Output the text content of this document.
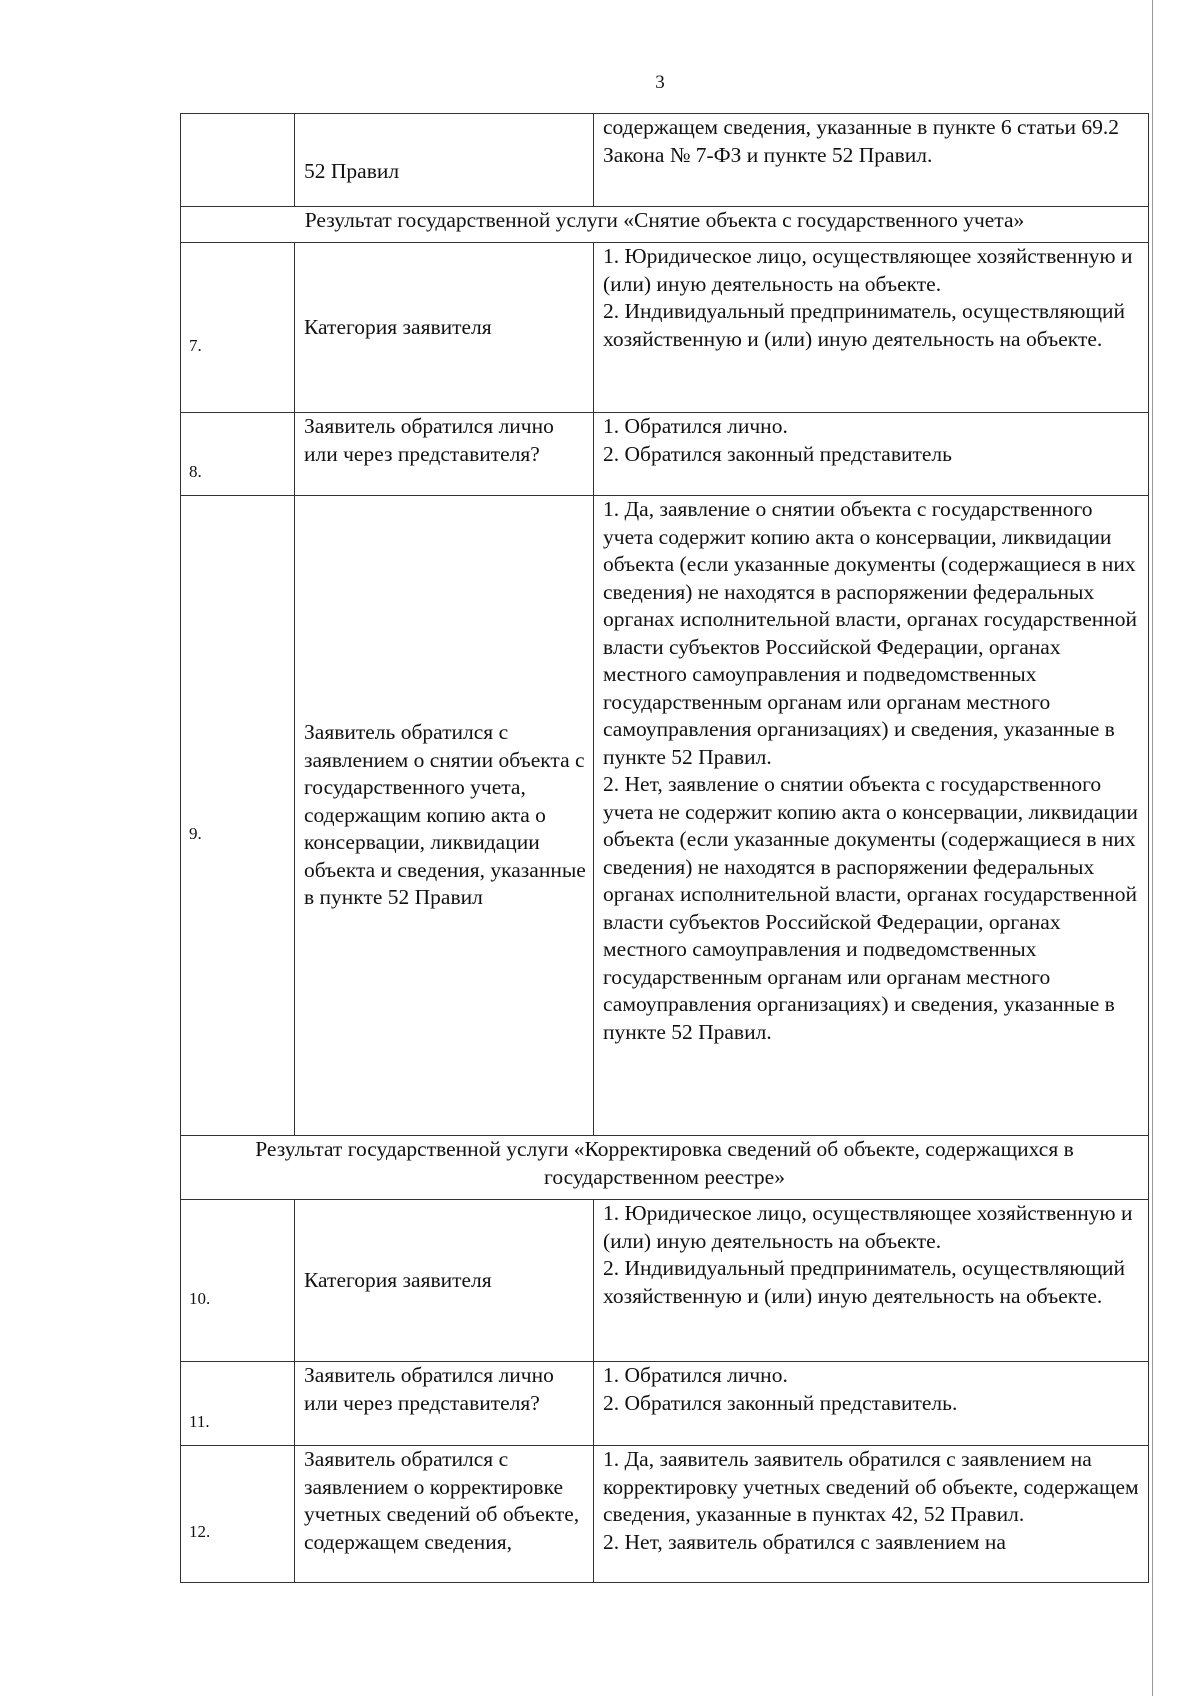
3
	52 Правил	содержащем сведения, указанные в пункте 6 статьи 69.2 Закона № 7-ФЗ и пункте 52 Правил.
Результат государственной услуги «Снятие объекта с государственного учета»		
7.	Категория заявителя	1. Юридическое лицо, осуществляющее хозяйственную и (или) иную деятельность на объекте.
2. Индивидуальный предприниматель, осуществляющий хозяйственную и (или) иную деятельность на объекте.

8.	Заявитель обратился лично или через представителя?	1. Обратился лично.
2. Обратился законный представитель

9.	Заявитель обратился с заявлением о снятии объекта с государственного учета, содержащим копию акта о консервации, ликвидации объекта и сведения, указанные в пункте 52 Правил	1. Да, заявление о снятии объекта с государственного учета содержит копию акта о консервации, ликвидации объекта (если указанные документы (содержащиеся в них сведения) не находятся в распоряжении федеральных органах исполнительной власти, органах государственной власти субъектов Российской Федерации, органах местного самоуправления и подведомственных государственным органам или органам местного самоуправления организациях) и сведения, указанные в пункте 52 Правил.
2. Нет, заявление о снятии объекта с государственного учета не содержит копию акта о консервации, ликвидации объекта (если указанные документы (содержащиеся в них сведения) не находятся в распоряжении федеральных органах исполнительной власти, органах государственной власти субъектов Российской Федерации, органах местного самоуправления и подведомственных государственным органам или органам местного самоуправления организациях) и сведения, указанные в пункте 52 Правил.

Результат государственной услуги «Корректировка сведений об объекте, содержащихся в государственном реестре»		
10.	Категория заявителя	1. Юридическое лицо, осуществляющее хозяйственную и (или) иную деятельность на объекте.
2. Индивидуальный предприниматель, осуществляющий хозяйственную и (или) иную деятельность на объекте.

11.	Заявитель обратился лично или через представителя?	1. Обратился лично.
2. Обратился законный представитель.

12.	Заявитель обратился с заявлением о корректировке учетных сведений об объекте, содержащем сведения,	1. Да, заявитель заявитель обратился с заявлением на корректировку учетных сведений об объекте, содержащем сведения, указанные в пунктах 42, 52 Правил.
2. Нет, заявитель обратился с заявлением на
